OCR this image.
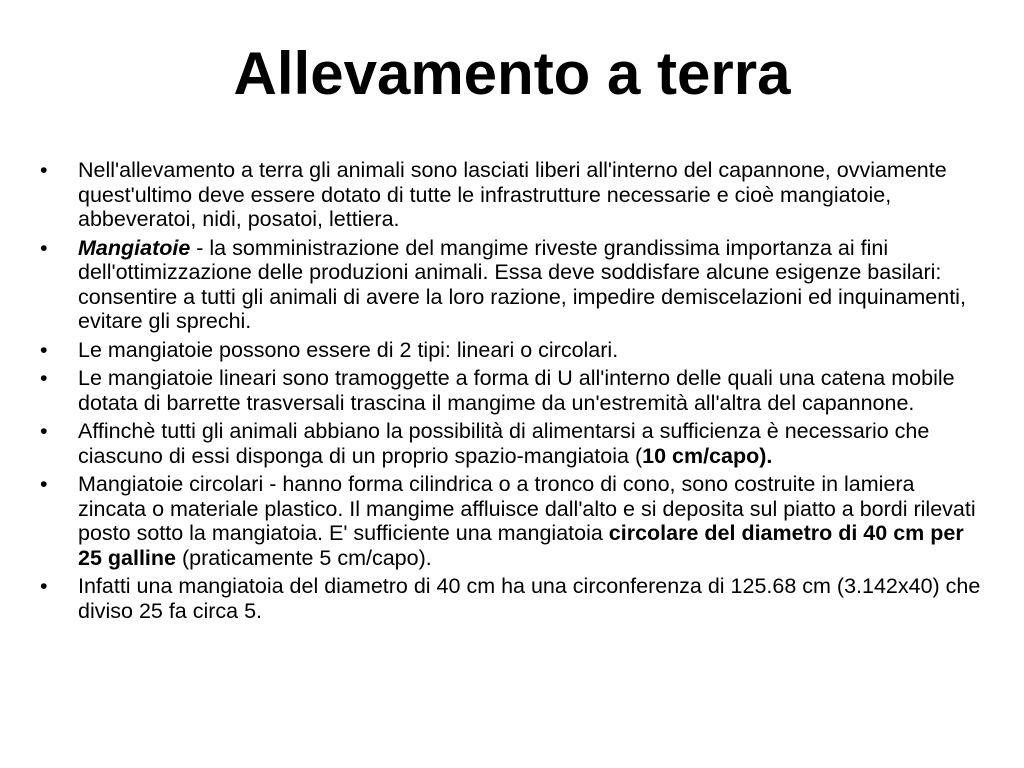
Allevamento a terra
• Nell'allevamento a terra gli animali sono lasciati liberi all'interno del capannone, ovviamente quest'ultimo deve essere dotato di tutte le infrastrutture necessarie e cioè mangiatoie, abbeveratoi, nidi, posatoi, lettiera.
• Mangiatoie - la somministrazione del mangime riveste grandissima importanza ai fini dell'ottimizzazione delle produzioni animali. Essa deve soddisfare alcune esigenze basilari: consentire a tutti gli animali di avere la loro razione, impedire demiscelazioni ed inquinamenti, evitare gli sprechi.
• Le mangiatoie possono essere di 2 tipi: lineari o circolari.
• Le mangiatoie lineari sono tramoggette a forma di U all'interno delle quali una catena mobile dotata di barrette trasversali trascina il mangime da un'estremità all'altra del capannone.
• Affinchè tutti gli animali abbiano la possibilità di alimentarsi a sufficienza è necessario che ciascuno di essi disponga di un proprio spazio-mangiatoia (10 cm/capo).
• Mangiatoie circolari - hanno forma cilindrica o a tronco di cono, sono costruite in lamiera zincata o materiale plastico. Il mangime affluisce dall'alto e si deposita sul piatto a bordi rilevati posto sotto la mangiatoia. E' sufficiente una mangiatoia circolare del diametro di 40 cm per 25 galline (praticamente 5 cm/capo).
• Infatti una mangiatoia del diametro di 40 cm ha una circonferenza di 125.68 cm (3.142x40) che diviso 25 fa circa 5.
